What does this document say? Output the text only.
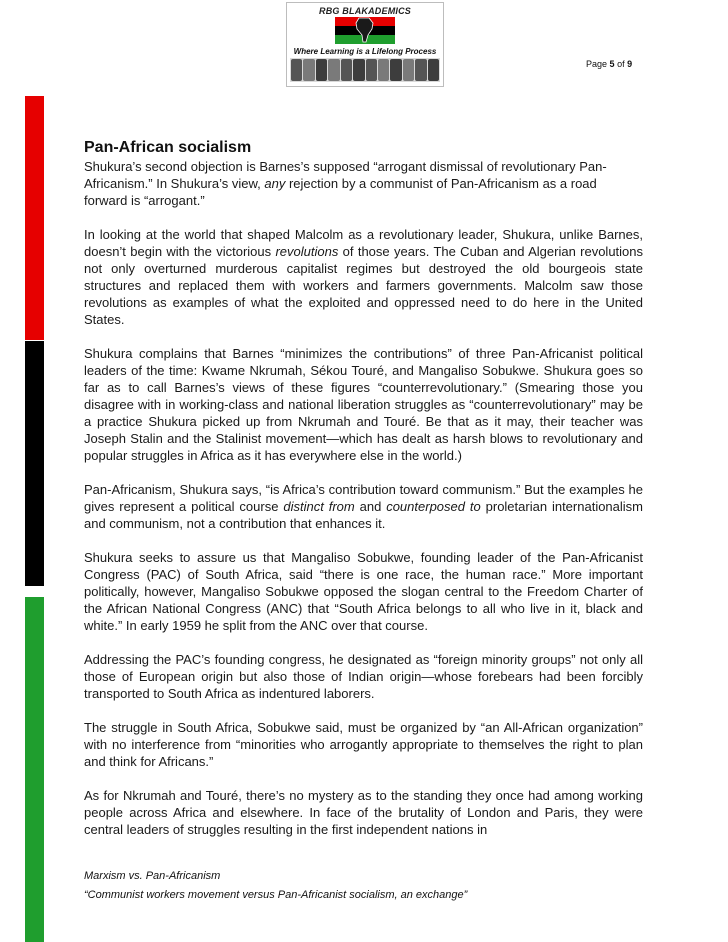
RBG BLAKADEMICS
Where Learning is a Lifelong Process
Page 5 of 9
Pan-African socialism

Shukura’s second objection is Barnes’s supposed “arrogant dismissal of revolutionary Pan-Africanism.” In Shukura’s view, any rejection by a communist of Pan-Africanism as a road forward is “arrogant.”

In looking at the world that shaped Malcolm as a revolutionary leader, Shukura, unlike Barnes, doesn’t begin with the victorious revolutions of those years. The Cuban and Algerian revolutions not only overturned murderous capitalist regimes but destroyed the old bourgeois state structures and replaced them with workers and farmers governments. Malcolm saw those revolutions as examples of what the exploited and oppressed need to do here in the United States.

Shukura complains that Barnes “minimizes the contributions” of three Pan-Africanist political leaders of the time: Kwame Nkrumah, Sékou Touré, and Mangaliso Sobukwe. Shukura goes so far as to call Barnes’s views of these figures “counterrevolutionary.” (Smearing those you disagree with in working-class and national liberation struggles as “counterrevolutionary” may be a practice Shukura picked up from Nkrumah and Touré. Be that as it may, their teacher was Joseph Stalin and the Stalinist movement—which has dealt as harsh blows to revolutionary and popular struggles in Africa as it has everywhere else in the world.)

Pan-Africanism, Shukura says, “is Africa’s contribution toward communism.” But the examples he gives represent a political course distinct from and counterposed to proletarian internationalism and communism, not a contribution that enhances it.

Shukura seeks to assure us that Mangaliso Sobukwe, founding leader of the Pan-Africanist Congress (PAC) of South Africa, said “there is one race, the human race.” More important politically, however, Mangaliso Sobukwe opposed the slogan central to the Freedom Charter of the African National Congress (ANC) that “South Africa belongs to all who live in it, black and white.” In early 1959 he split from the ANC over that course.

Addressing the PAC’s founding congress, he designated as “foreign minority groups” not only all those of European origin but also those of Indian origin—whose forebears had been forcibly transported to South Africa as indentured laborers.

The struggle in South Africa, Sobukwe said, must be organized by “an All-African organization” with no interference from “minorities who arrogantly appropriate to themselves the right to plan and think for Africans.”

As for Nkrumah and Touré, there’s no mystery as to the standing they once had among working people across Africa and elsewhere. In face of the brutality of London and Paris, they were central leaders of struggles resulting in the first independent nations in

Marxism vs. Pan-Africanism
“Communist workers movement versus Pan-Africanist socialism, an exchange”
